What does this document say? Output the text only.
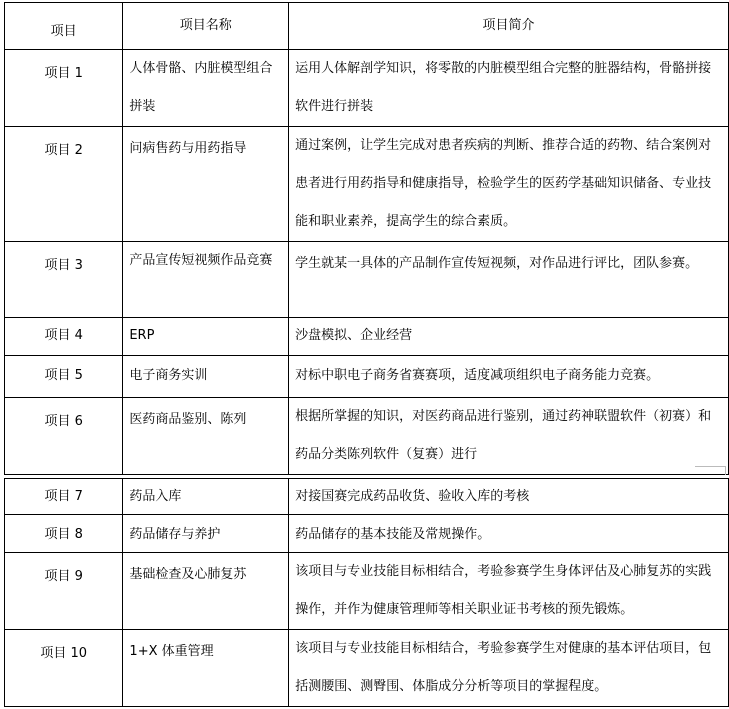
项目	项目名称	项目简介
项目 1	人体骨骼、内脏模型组合拼装	运用人体解剖学知识，将零散的内脏模型组合完整的脏器结构，骨骼拼接软件进行拼装
项目 2	问病售药与用药指导	通过案例，让学生完成对患者疾病的判断、推荐合适的药物、结合案例对患者进行用药指导和健康指导，检验学生的医药学基础知识储备、专业技能和职业素养，提高学生的综合素质。
项目 3	产品宣传短视频作品竞赛	学生就某一具体的产品制作宣传短视频，对作品进行评比，团队参赛。
项目 4	ERP	沙盘模拟、企业经营
项目 5	电子商务实训	对标中职电子商务省赛赛项，适度减项组织电子商务能力竞赛。
项目 6	医药商品鉴别、陈列	根据所掌握的知识，对医药商品进行鉴别，通过药神联盟软件（初赛）和药品分类陈列软件（复赛）进行
项目 7	药品入库	对接国赛完成药品收货、验收入库的考核
项目 8	药品储存与养护	药品储存的基本技能及常规操作。
项目 9	基础检查及心肺复苏	该项目与专业技能目标相结合，考验参赛学生身体评估及心肺复苏的实践操作，并作为健康管理师等相关职业证书考核的预先锻炼。
项目 10	1+X 体重管理	该项目与专业技能目标相结合，考验参赛学生对健康的基本评估项目，包括测腰围、测臀围、体脂成分分析等项目的掌握程度。
